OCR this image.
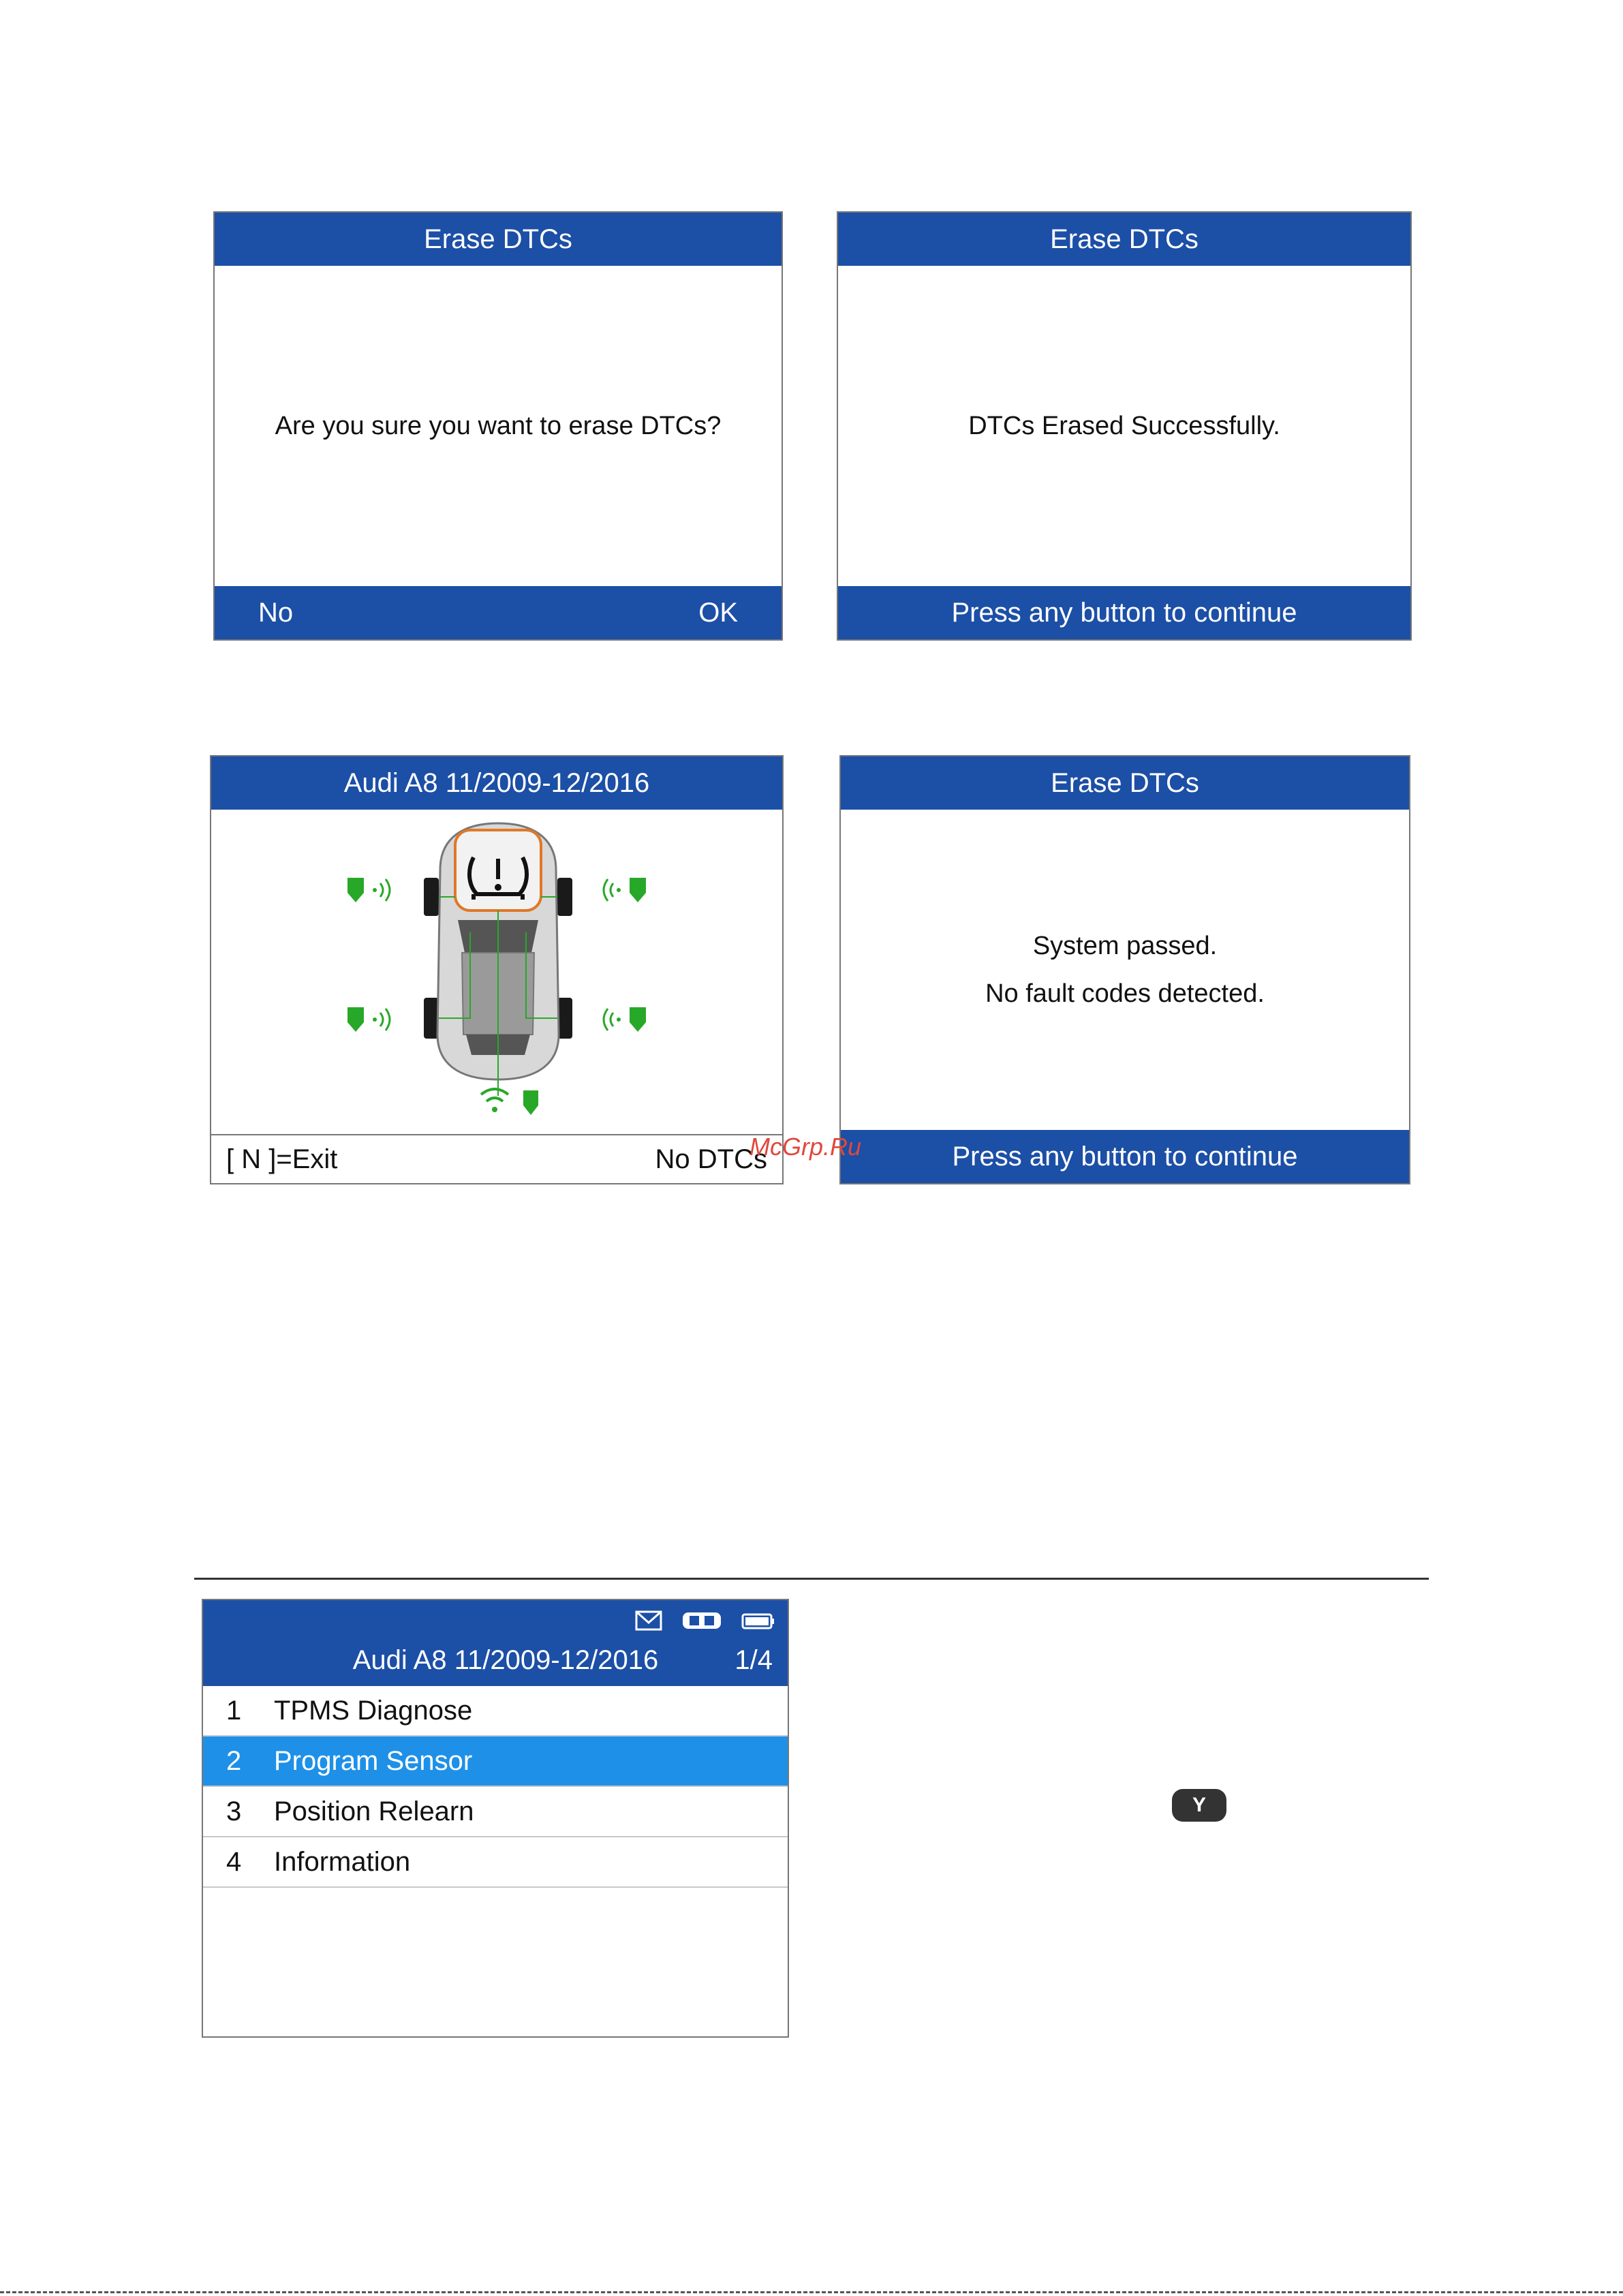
Erase DTCs
Are you sure you want to erase DTCs?
No	OK
Erase DTCs
DTCs Erased Successfully.
Press any button to continue
Audi A8 11/2009-12/2016
[ N ]=Exit	No DTCs
Erase DTCs
System passed.
No fault codes detected.
Press any button to continue
McGrp.Ru
Audi A8 11/2009-12/2016	1/4
1	TPMS Diagnose
2	Program Sensor
3	Position Relearn
4	Information
Y
